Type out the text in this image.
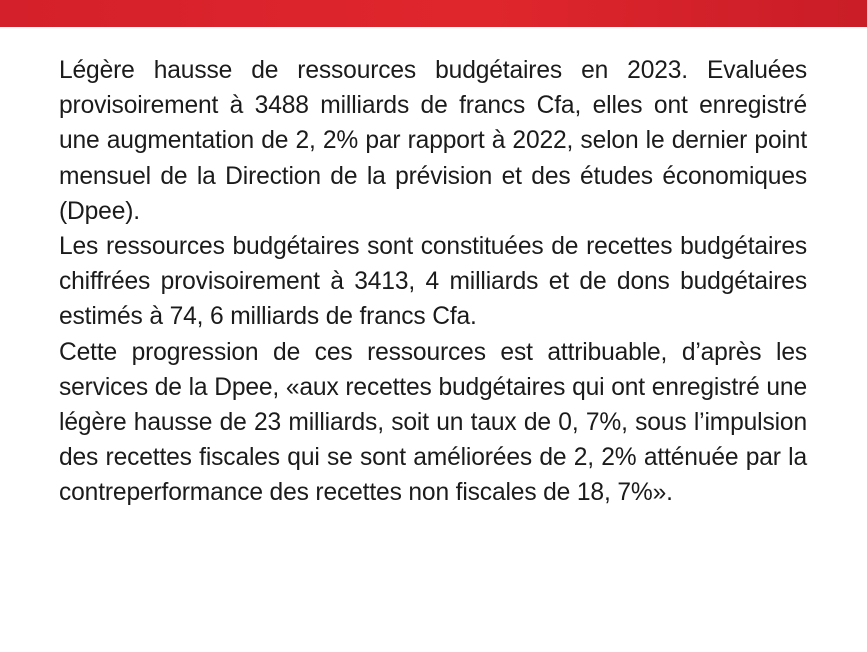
Légère hausse de ressources budgétaires en 2023. Evaluées provisoirement à 3488 milliards de francs Cfa, elles ont enregistré une augmentation de 2, 2% par rapport à 2022, selon le dernier point mensuel de la Direction de la prévision et des études économiques (Dpee).

Les ressources budgétaires sont constituées de recettes budgétaires chiffrées provisoirement à 3413, 4 milliards et de dons budgétaires estimés à 74, 6 milliards de francs Cfa.

Cette progression de ces ressources est attribuable, d’après les services de la Dpee, «aux recettes budgétaires qui ont enregistré une légère hausse de 23 milliards, soit un taux de 0, 7%, sous l’impulsion des recettes fiscales qui se sont améliorées de 2, 2% atténuée par la contreperformance des recettes non fiscales de 18, 7%».
